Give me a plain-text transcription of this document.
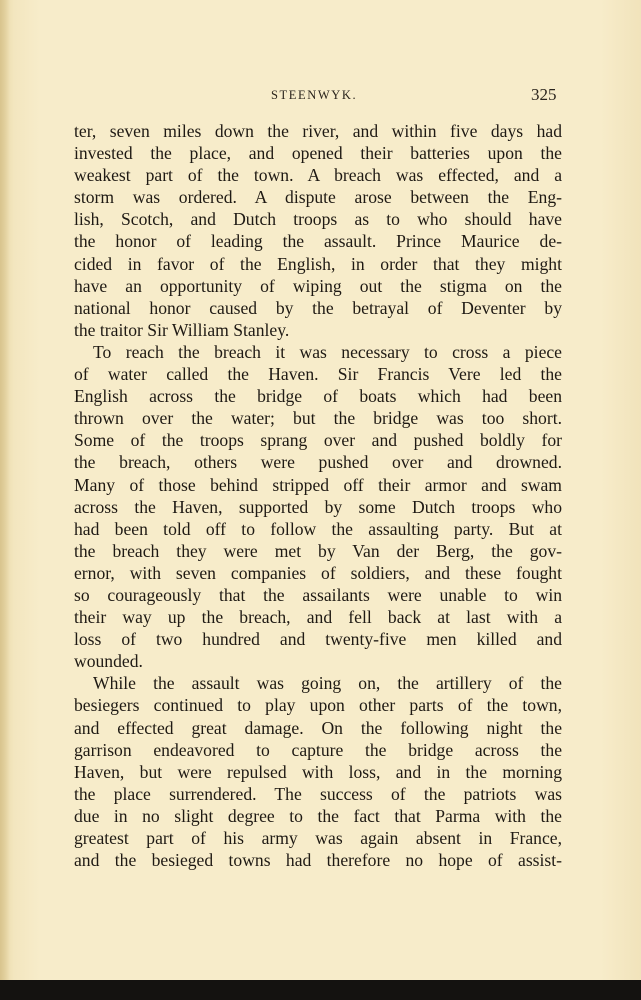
STEENWYK.	325
ter, seven miles down the river, and within five days had
invested the place, and opened their batteries upon the
weakest part of the town. A breach was effected, and a
storm was ordered. A dispute arose between the Eng-
lish, Scotch, and Dutch troops as to who should have
the honor of leading the assault. Prince Maurice de-
cided in favor of the English, in order that they might
have an opportunity of wiping out the stigma on the
national honor caused by the betrayal of Deventer by
the traitor Sir William Stanley.
To reach the breach it was necessary to cross a piece
of water called the Haven. Sir Francis Vere led the
English across the bridge of boats which had been
thrown over the water; but the bridge was too short.
Some of the troops sprang over and pushed boldly for
the breach, others were pushed over and drowned.
Many of those behind stripped off their armor and swam
across the Haven, supported by some Dutch troops who
had been told off to follow the assaulting party. But at
the breach they were met by Van der Berg, the gov-
ernor, with seven companies of soldiers, and these fought
so courageously that the assailants were unable to win
their way up the breach, and fell back at last with a
loss of two hundred and twenty-five men killed and
wounded.
While the assault was going on, the artillery of the
besiegers continued to play upon other parts of the town,
and effected great damage. On the following night the
garrison endeavored to capture the bridge across the
Haven, but were repulsed with loss, and in the morning
the place surrendered. The success of the patriots was
due in no slight degree to the fact that Parma with the
greatest part of his army was again absent in France,
and the besieged towns had therefore no hope of assist-
